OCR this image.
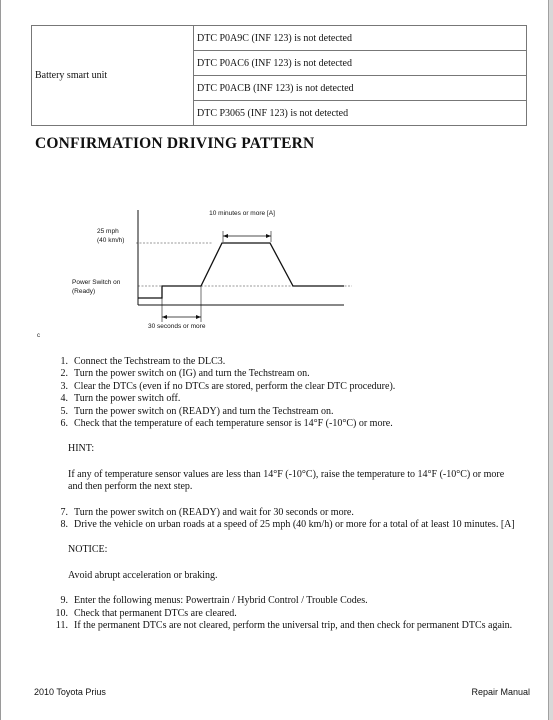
Battery smart unit	DTC P0A9C (INF 123) is not detected
DTC P0AC6 (INF 123) is not detected
DTC P0ACB (INF 123) is not detected
DTC P3065 (INF 123) is not detected
CONFIRMATION DRIVING PATTERN
10 minutes or more [A]
25 mph
(40 km/h)
Power Switch on
(Ready)
30 seconds or more
c
1. Connect the Techstream to the DLC3.
2. Turn the power switch on (IG) and turn the Techstream on.
3. Clear the DTCs (even if no DTCs are stored, perform the clear DTC procedure).
4. Turn the power switch off.
5. Turn the power switch on (READY) and turn the Techstream on.
6. Check that the temperature of each temperature sensor is 14°F (-10°C) or more.
HINT:
If any of temperature sensor values are less than 14°F (-10°C), raise the temperature to 14°F (-10°C) or more and then perform the next step.
7. Turn the power switch on (READY) and wait for 30 seconds or more.
8. Drive the vehicle on urban roads at a speed of 25 mph (40 km/h) or more for a total of at least 10 minutes. [A]
NOTICE:
Avoid abrupt acceleration or braking.
9. Enter the following menus: Powertrain / Hybrid Control / Trouble Codes.
10. Check that permanent DTCs are cleared.
11. If the permanent DTCs are not cleared, perform the universal trip, and then check for permanent DTCs again.
2010 Toyota Prius	Repair Manual
